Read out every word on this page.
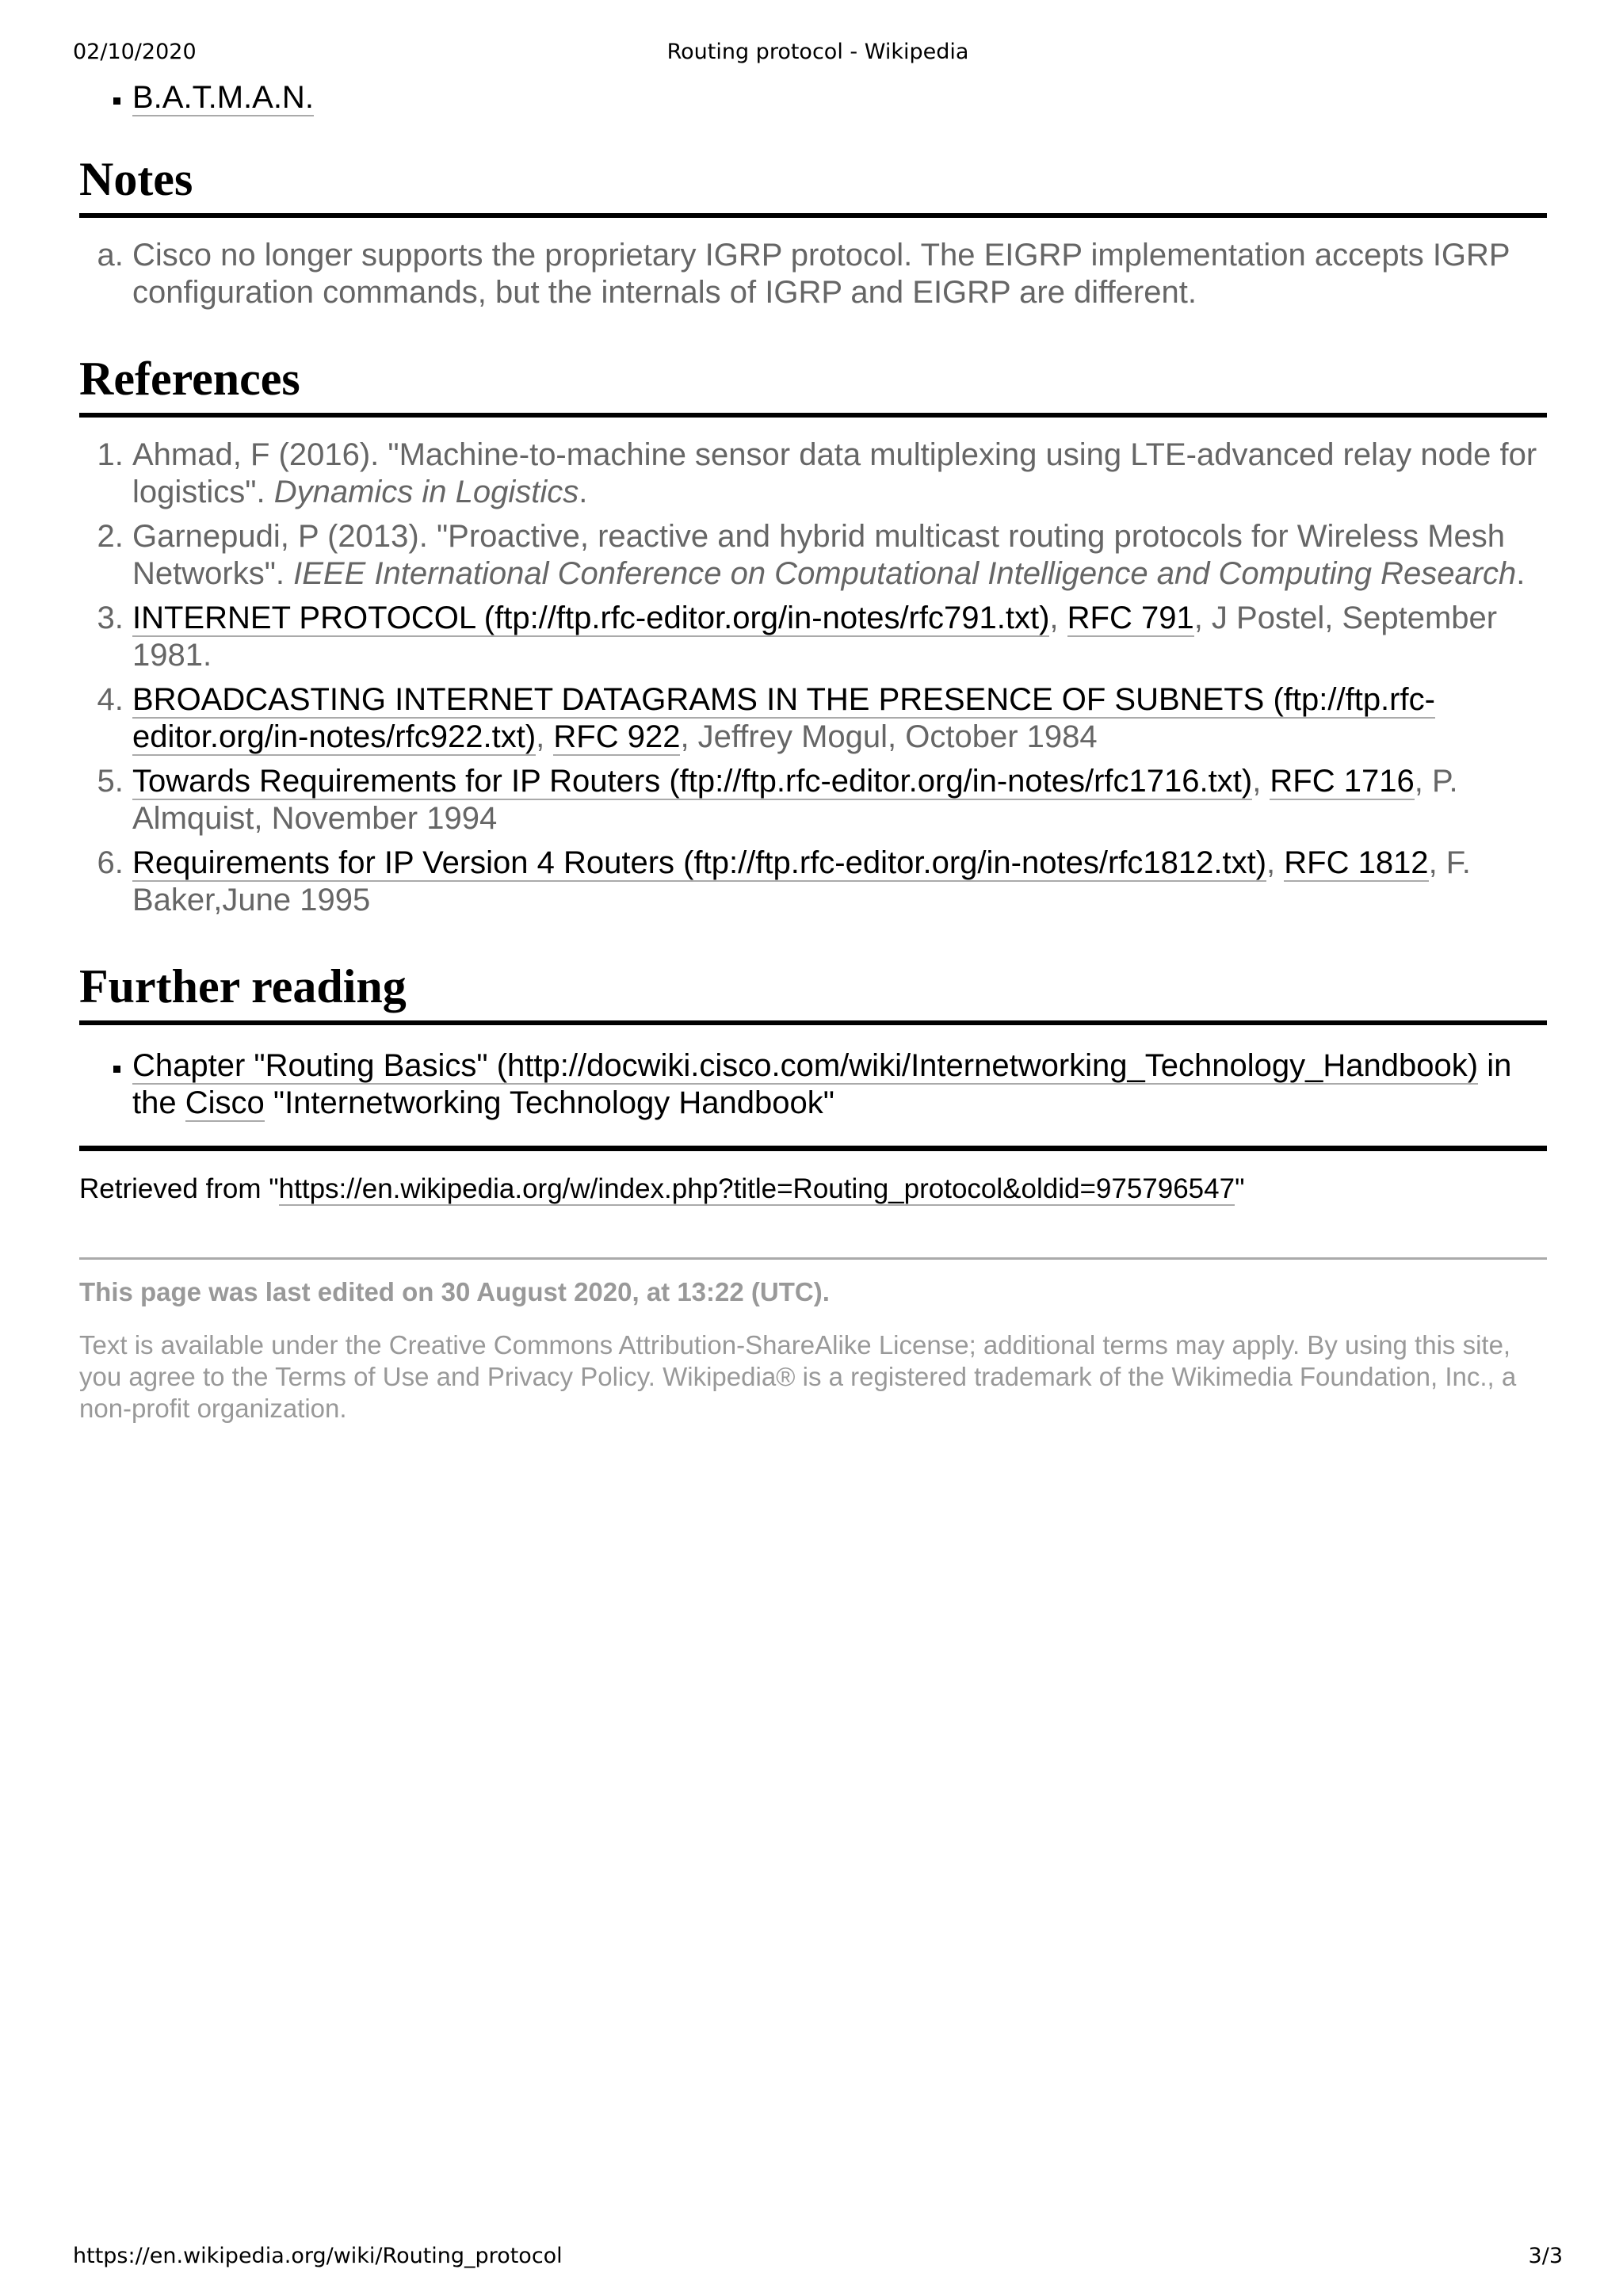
02/10/2020	Routing protocol - Wikipedia
▪ B.A.T.M.A.N.
Notes
a. Cisco no longer supports the proprietary IGRP protocol. The EIGRP implementation accepts IGRP configuration commands, but the internals of IGRP and EIGRP are different.
References
1. Ahmad, F (2016). "Machine-to-machine sensor data multiplexing using LTE-advanced relay node for logistics". Dynamics in Logistics.
2. Garnepudi, P (2013). "Proactive, reactive and hybrid multicast routing protocols for Wireless Mesh Networks". IEEE International Conference on Computational Intelligence and Computing Research.
3. INTERNET PROTOCOL (ftp://ftp.rfc-editor.org/in-notes/rfc791.txt), RFC 791, J Postel, September 1981.
4. BROADCASTING INTERNET DATAGRAMS IN THE PRESENCE OF SUBNETS (ftp://ftp.rfc-editor.org/in-notes/rfc922.txt), RFC 922, Jeffrey Mogul, October 1984
5. Towards Requirements for IP Routers (ftp://ftp.rfc-editor.org/in-notes/rfc1716.txt), RFC 1716, P. Almquist, November 1994
6. Requirements for IP Version 4 Routers (ftp://ftp.rfc-editor.org/in-notes/rfc1812.txt), RFC 1812, F. Baker,June 1995
Further reading
▪ Chapter "Routing Basics" (http://docwiki.cisco.com/wiki/Internetworking_Technology_Handbook) in the Cisco "Internetworking Technology Handbook"
Retrieved from "https://en.wikipedia.org/w/index.php?title=Routing_protocol&oldid=975796547"
This page was last edited on 30 August 2020, at 13:22 (UTC).
Text is available under the Creative Commons Attribution-ShareAlike License; additional terms may apply. By using this site, you agree to the Terms of Use and Privacy Policy. Wikipedia® is a registered trademark of the Wikimedia Foundation, Inc., a non-profit organization.
https://en.wikipedia.org/wiki/Routing_protocol	3/3
